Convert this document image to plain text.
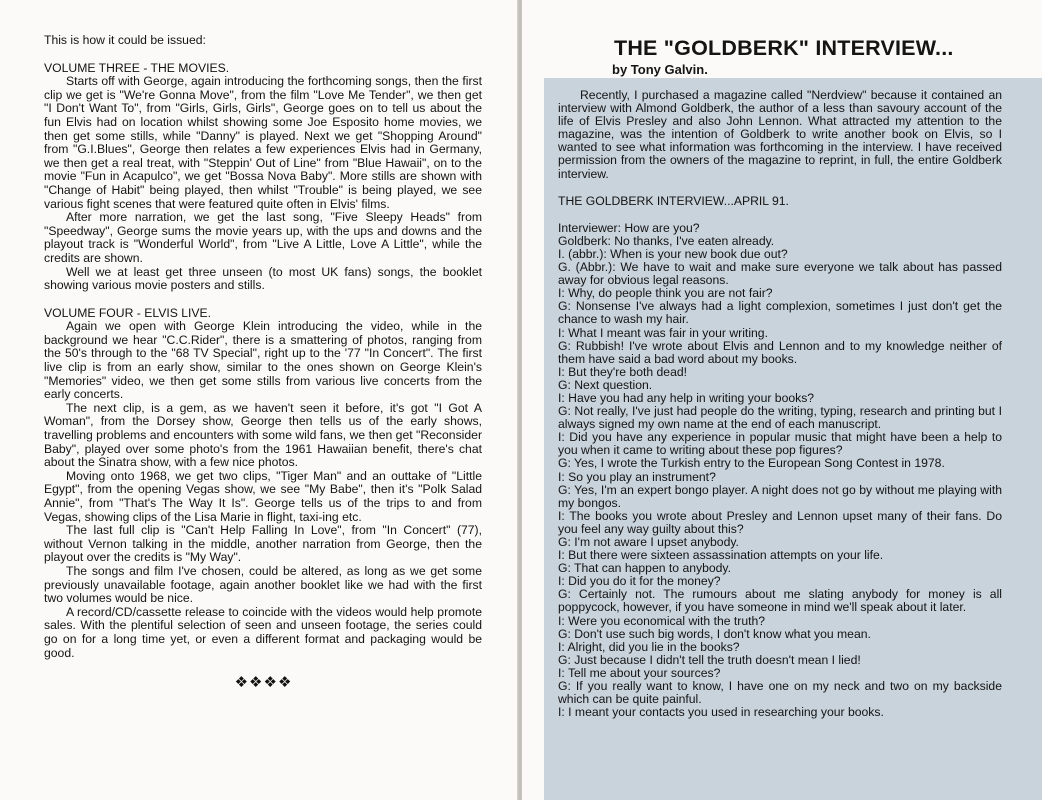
This is how it could be issued:

VOLUME THREE - THE MOVIES.

Starts off with George, again introducing the forthcoming songs, then the first clip we get is "We're Gonna Move", from the film "Love Me Tender", we then get "I Don't Want To", from "Girls, Girls, Girls", George goes on to tell us about the fun Elvis had on location whilst showing some Joe Esposito home movies, we then get some stills, while "Danny" is played. Next we get "Shopping Around" from "G.I.Blues", George then relates a few experiences Elvis had in Germany, we then get a real treat, with "Steppin' Out of Line" from "Blue Hawaii", on to the movie "Fun in Acapulco", we get "Bossa Nova Baby". More stills are shown with "Change of Habit" being played, then whilst "Trouble" is being played, we see various fight scenes that were featured quite often in Elvis' films.

After more narration, we get the last song, "Five Sleepy Heads" from "Speedway", George sums the movie years up, with the ups and downs and the playout track is "Wonderful World", from "Live A Little, Love A Little", while the credits are shown.

Well we at least get three unseen (to most UK fans) songs, the booklet showing various movie posters and stills.

VOLUME FOUR - ELVIS LIVE.

Again we open with George Klein introducing the video, while in the background we hear "C.C.Rider", there is a smattering of photos, ranging from the 50's through to the "68 TV Special", right up to the '77 "In Concert". The first live clip is from an early show, similar to the ones shown on George Klein's "Memories" video, we then get some stills from various live concerts from the early concerts.

The next clip, is a gem, as we haven't seen it before, it's got "I Got A Woman", from the Dorsey show, George then tells us of the early shows, travelling problems and encounters with some wild fans, we then get "Reconsider Baby", played over some photo's from the 1961 Hawaiian benefit, there's chat about the Sinatra show, with a few nice photos.

Moving onto 1968, we get two clips, "Tiger Man" and an outtake of "Little Egypt", from the opening Vegas show, we see "My Babe", then it's "Polk Salad Annie", from "That's The Way It Is". George tells us of the trips to and from Vegas, showing clips of the Lisa Marie in flight, taxi-ing etc.

The last full clip is "Can't Help Falling In Love", from "In Concert" (77), without Vernon talking in the middle, another narration from George, then the playout over the credits is "My Way".

The songs and film I've chosen, could be altered, as long as we get some previously unavailable footage, again another booklet like we had with the first two volumes would be nice.

A record/CD/cassette release to coincide with the videos would help promote sales. With the plentiful selection of seen and unseen footage, the series could go on for a long time yet, or even a different format and packaging would be good.

❖ ❖ ❖ ❖
THE "GOLDBERK" INTERVIEW...
by Tony Galvin.

Recently, I purchased a magazine called "Nerdview" because it contained an interview with Almond Goldberk, the author of a less than savoury account of the life of Elvis Presley and also John Lennon. What attracted my attention to the magazine, was the intention of Goldberk to write another book on Elvis, so I wanted to see what information was forthcoming in the interview. I have received permission from the owners of the magazine to reprint, in full, the entire Goldberk interview.

THE GOLDBERK INTERVIEW...APRIL 91.

Interviewer: How are you?

Goldberk: No thanks, I've eaten already.

I. (abbr.): When is your new book due out?

G. (Abbr.): We have to wait and make sure everyone we talk about has passed away for obvious legal reasons.

I: Why, do people think you are not fair?

G: Nonsense I've always had a light complexion, sometimes I just don't get the chance to wash my hair.

I: What I meant was fair in your writing.

G: Rubbish! I've wrote about Elvis and Lennon and to my knowledge neither of them have said a bad word about my books.

I: But they're both dead!

G: Next question.

I: Have you had any help in writing your books?

G: Not really, I've just had people do the writing, typing, research and printing but I always signed my own name at the end of each manuscript.

I: Did you have any experience in popular music that might have been a help to you when it came to writing about these pop figures?

G: Yes, I wrote the Turkish entry to the European Song Contest in 1978.

I: So you play an instrument?

G: Yes, I'm an expert bongo player. A night does not go by without me playing with my bongos.

I: The books you wrote about Presley and Lennon upset many of their fans. Do you feel any way guilty about this?

G: I'm not aware I upset anybody.

I: But there were sixteen assassination attempts on your life.

G: That can happen to anybody.

I: Did you do it for the money?

G: Certainly not. The rumours about me slating anybody for money is all poppycock, however, if you have someone in mind we'll speak about it later.

I: Were you economical with the truth?

G: Don't use such big words, I don't know what you mean.

I: Alright, did you lie in the books?

G: Just because I didn't tell the truth doesn't mean I lied!

I: Tell me about your sources?

G: If you really want to know, I have one on my neck and two on my backside which can be quite painful.

I: I meant your contacts you used in researching your books.
